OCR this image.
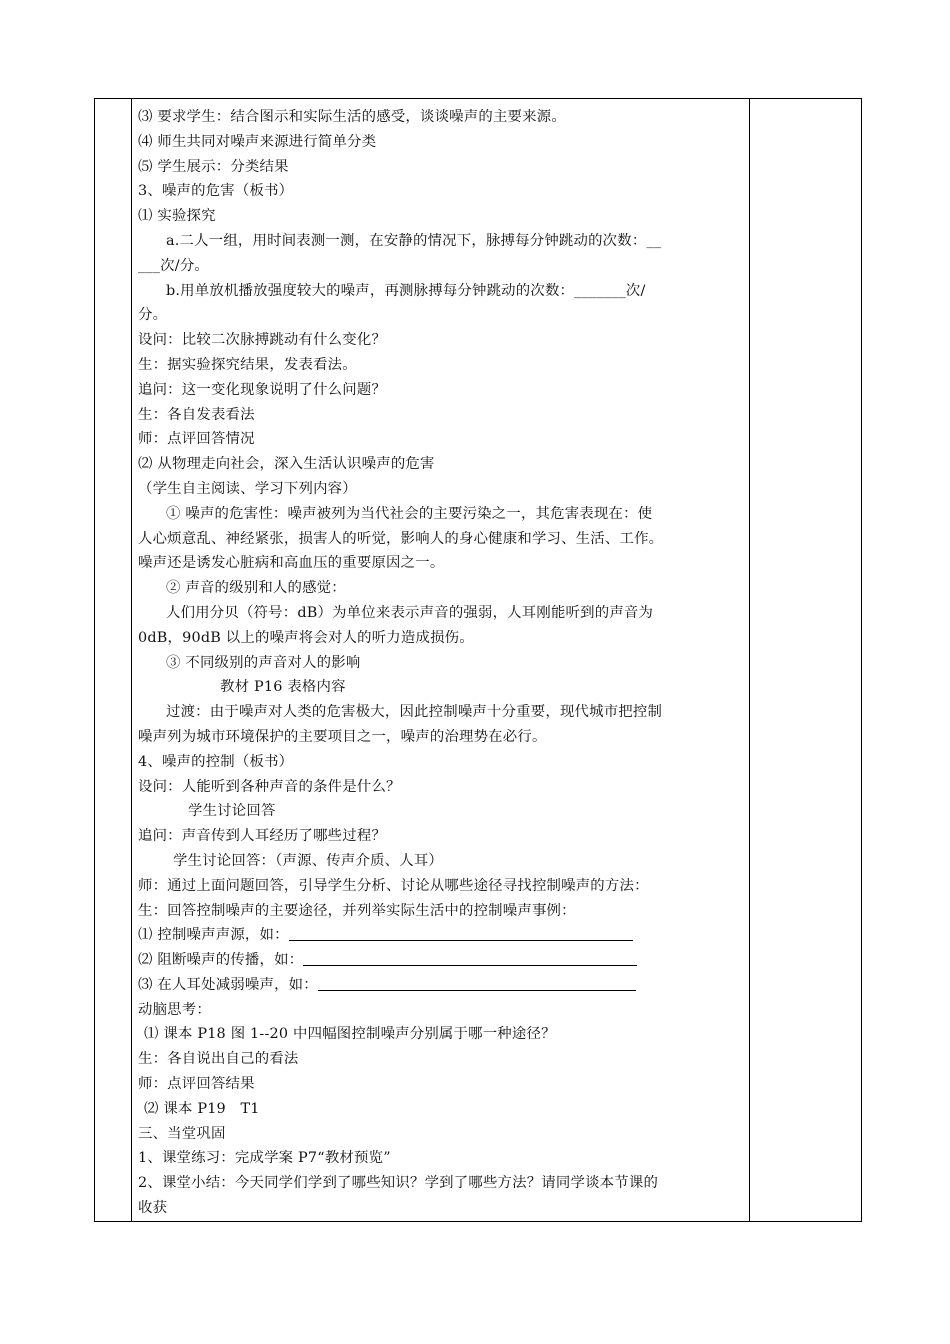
⑶ 要求学生：结合图示和实际生活的感受，谈谈噪声的主要来源。
⑷ 师生共同对噪声来源进行简单分类
⑸ 学生展示：分类结果
3、噪声的危害（板书）
⑴ 实验探究
a.二人一组，用时间表测一测，在安静的情况下，脉搏每分钟跳动的次数：__
___次/分。
b.用单放机播放强度较大的噪声，再测脉搏每分钟跳动的次数：_______次/
分。
设问：比较二次脉搏跳动有什么变化？
生：据实验探究结果，发表看法。
追问：这一变化现象说明了什么问题？
生：各自发表看法
师：点评回答情况
⑵ 从物理走向社会，深入生活认识噪声的危害
（学生自主阅读、学习下列内容）
① 噪声的危害性：噪声被列为当代社会的主要污染之一，其危害表现在：使
人心烦意乱、神经紧张，损害人的听觉，影响人的身心健康和学习、生活、工作。
噪声还是诱发心脏病和高血压的重要原因之一。
② 声音的级别和人的感觉：
人们用分贝（符号：dB）为单位来表示声音的强弱，人耳刚能听到的声音为
0dB，90dB 以上的噪声将会对人的听力造成损伤。
③ 不同级别的声音对人的影响
教材 P16 表格内容
过渡：由于噪声对人类的危害极大，因此控制噪声十分重要，现代城市把控制
噪声列为城市环境保护的主要项目之一，噪声的治理势在必行。
4、噪声的控制（板书）
设问：人能听到各种声音的条件是什么？
学生讨论回答
追问：声音传到人耳经历了哪些过程？
学生讨论回答：（声源、传声介质、人耳）
师：通过上面问题回答，引导学生分析、讨论从哪些途径寻找控制噪声的方法：
生：回答控制噪声的主要途径，并列举实际生活中的控制噪声事例：
⑴ 控制噪声声源，如：
⑵ 阻断噪声的传播，如：
⑶ 在人耳处减弱噪声，如：
动脑思考：
⑴ 课本 P18 图 1--20 中四幅图控制噪声分别属于哪一种途径？
生：各自说出自己的看法
师：点评回答结果
⑵ 课本 P19　T1
三、当堂巩固
1、课堂练习：完成学案 P7“教材预览”
2、课堂小结：今天同学们学到了哪些知识？学到了哪些方法？请同学谈本节课的
收获
